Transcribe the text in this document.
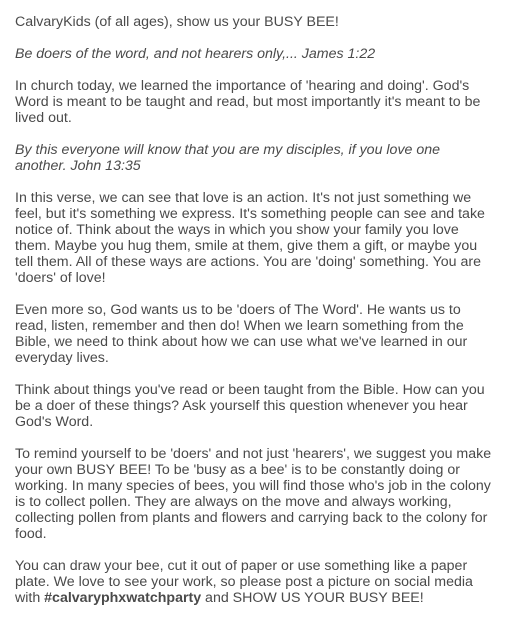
CalvaryKids (of all ages), show us your BUSY BEE!

Be doers of the word, and not hearers only,... James 1:22

In church today, we learned the importance of 'hearing and doing'. God's Word is meant to be taught and read, but most importantly it's meant to be lived out.

By this everyone will know that you are my disciples, if you love one another. John 13:35

In this verse, we can see that love is an action. It's not just something we feel, but it's something we express. It's something people can see and take notice of. Think about the ways in which you show your family you love them. Maybe you hug them, smile at them, give them a gift, or maybe you tell them. All of these ways are actions. You are 'doing' something. You are 'doers' of love!

Even more so, God wants us to be 'doers of The Word'. He wants us to read, listen, remember and then do! When we learn something from the Bible, we need to think about how we can use what we've learned in our everyday lives.

Think about things you've read or been taught from the Bible. How can you be a doer of these things? Ask yourself this question whenever you hear God's Word.

To remind yourself to be 'doers' and not just 'hearers', we suggest you make your own BUSY BEE! To be 'busy as a bee' is to be constantly doing or working. In many species of bees, you will find those who's job in the colony is to collect pollen. They are always on the move and always working, collecting pollen from plants and flowers and carrying back to the colony for food.

You can draw your bee, cut it out of paper or use something like a paper plate. We love to see your work, so please post a picture on social media with #calvaryphxwatchparty and SHOW US YOUR BUSY BEE!
